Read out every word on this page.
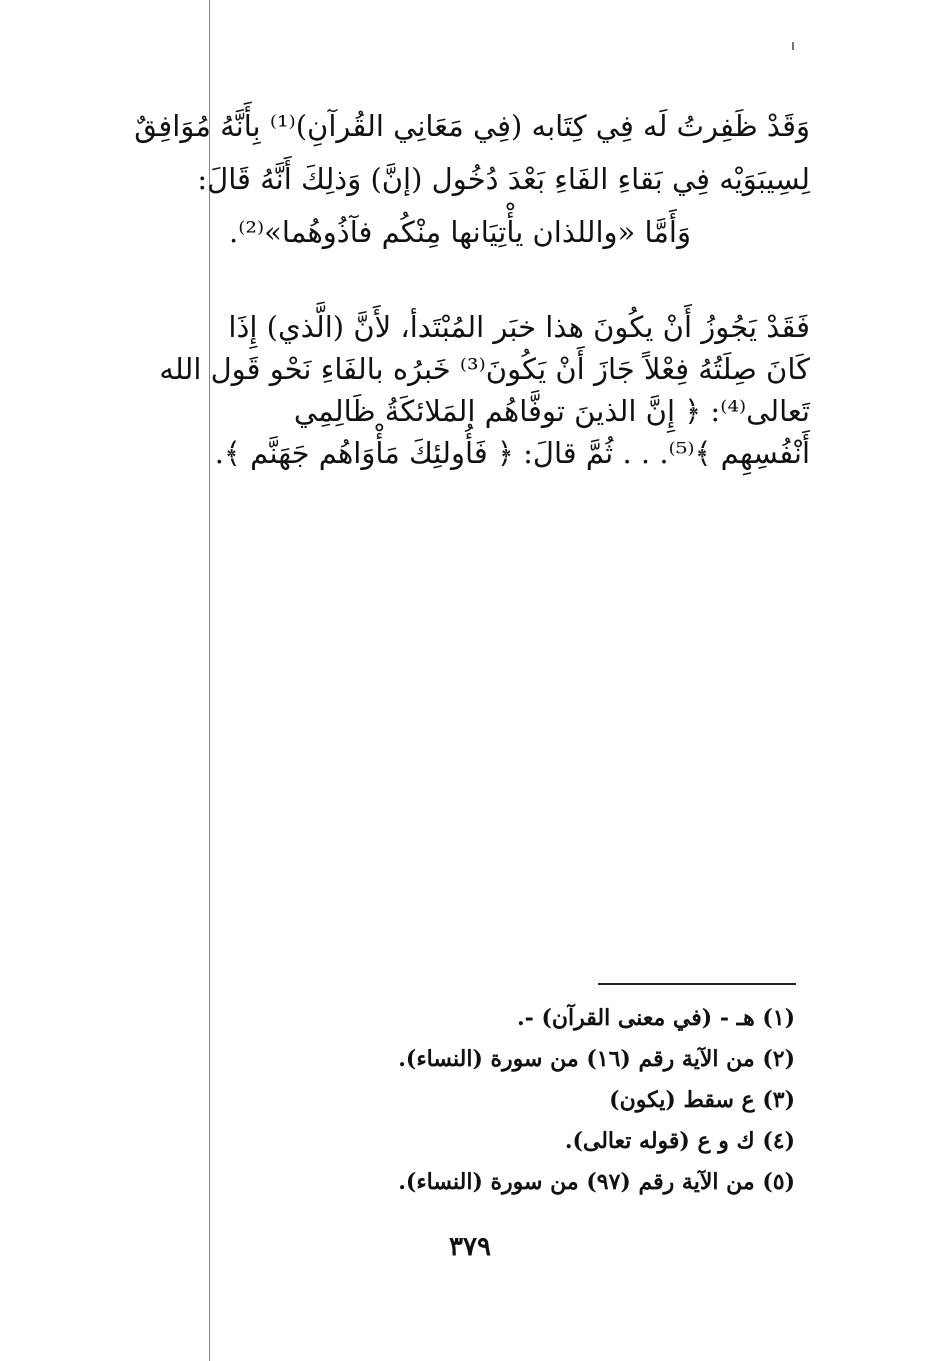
وَقَدْ ظَفِرتُ لَه فِي كِتَابه (فِي مَعَانِي القُرآنِ)⁽¹⁾ بِأَنَّهُ مُوَافِقٌ
لِسِيبَوَيْه فِي بَقاءِ الفَاءِ بَعْدَ دُخُول (إنَّ) وَذلِكَ أَنَّهُ قَالَ:
وَأَمَّا «واللذان يأْتِيَانها مِنْكُم فآذُوهُما»⁽²⁾.
فَقَدْ يَجُوزُ أَنْ يكُونَ هذا خبَر المُبْتَدأ، لأَنَّ (الَّذي) إِذَا
كَانَ صِلَتُهُ فِعْلاً جَازَ أَنْ يَكُونَ⁽³⁾ خَبرُه بالفَاءِ نَحْو قَول الله
تَعالى⁽⁴⁾: ﴿ إِنَّ الذينَ توفَّاهُم المَلائكَةُ ظَالِمِي
أَنْفُسِهِم ﴾⁽⁵⁾. . . ثُمَّ قالَ: ﴿ فَأُولئِكَ مَأْوَاهُم جَهَنَّم ﴾.
(١) هـ - (في معنى القرآن) -.
(٢) من الآية رقم (١٦) من سورة (النساء).
(٣) ع سقط (يكون)
(٤) ك و ع (قوله تعالى).
(٥) من الآية رقم (٩٧) من سورة (النساء).
٣٧٩
